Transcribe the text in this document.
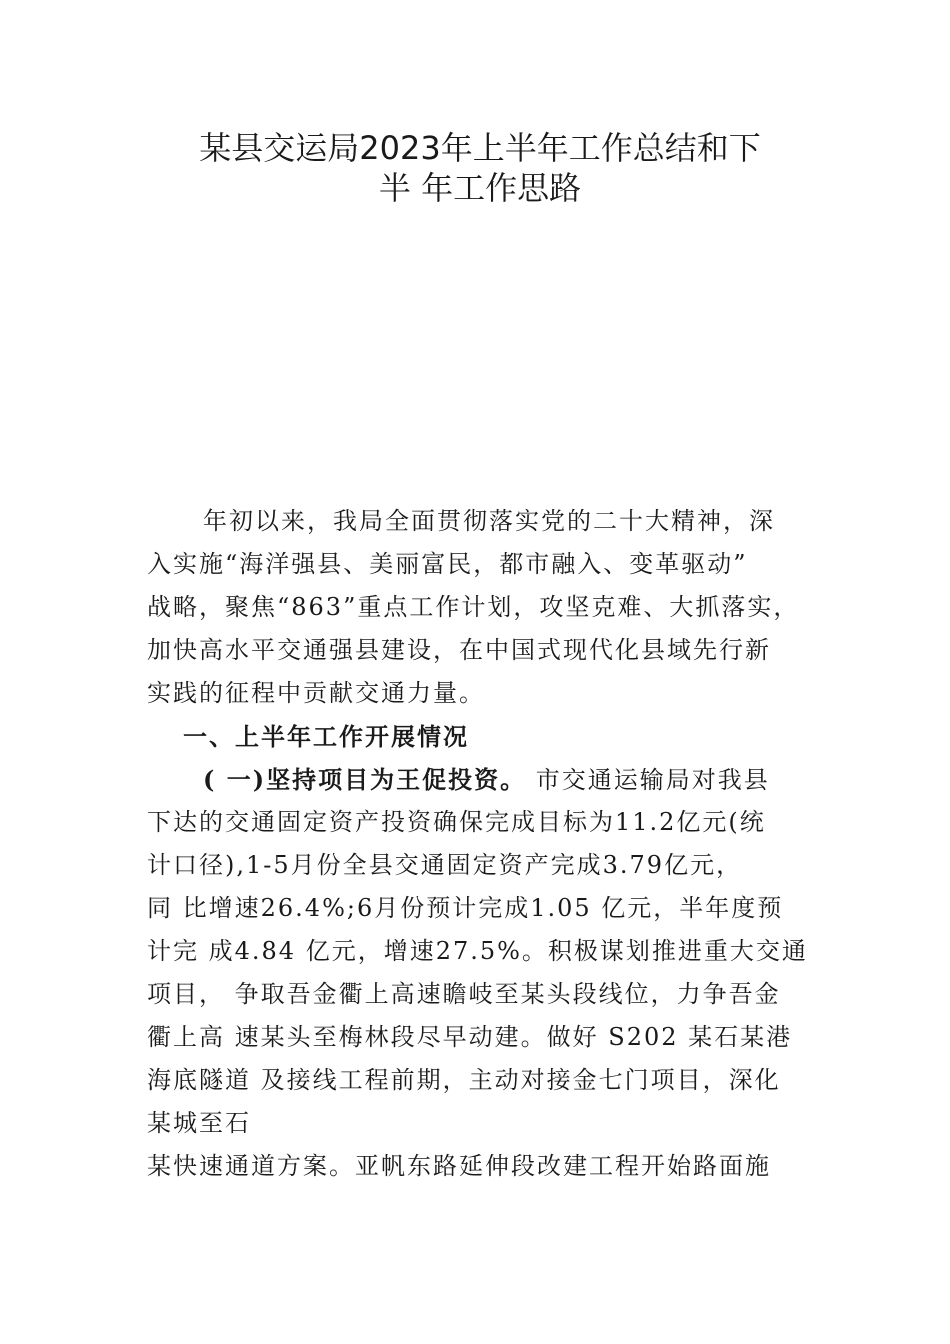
某县交运局2023年上半年工作总结和下
半 年工作思路
年初以来，我局全面贯彻落实党的二十大精神，深
入实施“海洋强县、美丽富民，都市融入、变革驱动”
战略，聚焦“863”重点工作计划，攻坚克难、大抓落实，
加快高水平交通强县建设，在中国式现代化县域先行新
实践的征程中贡献交通力量。
一、上半年工作开展情况
( 一)坚持项目为王促投资。 市交通运输局对我县
下达的交通固定资产投资确保完成目标为11.2亿元(统
计口径),1-5月份全县交通固定资产完成3.79亿元，
同 比增速26.4%;6月份预计完成1.05 亿元，半年度预
计完 成4.84 亿元，增速27.5%。积极谋划推进重大交通
项目， 争取吾金衢上高速瞻岐至某头段线位，力争吾金
衢上高 速某头至梅林段尽早动建。做好 S202 某石某港
海底隧道 及接线工程前期，主动对接金七门项目，深化
某城至石
某快速通道方案。亚帆东路延伸段改建工程开始路面施
